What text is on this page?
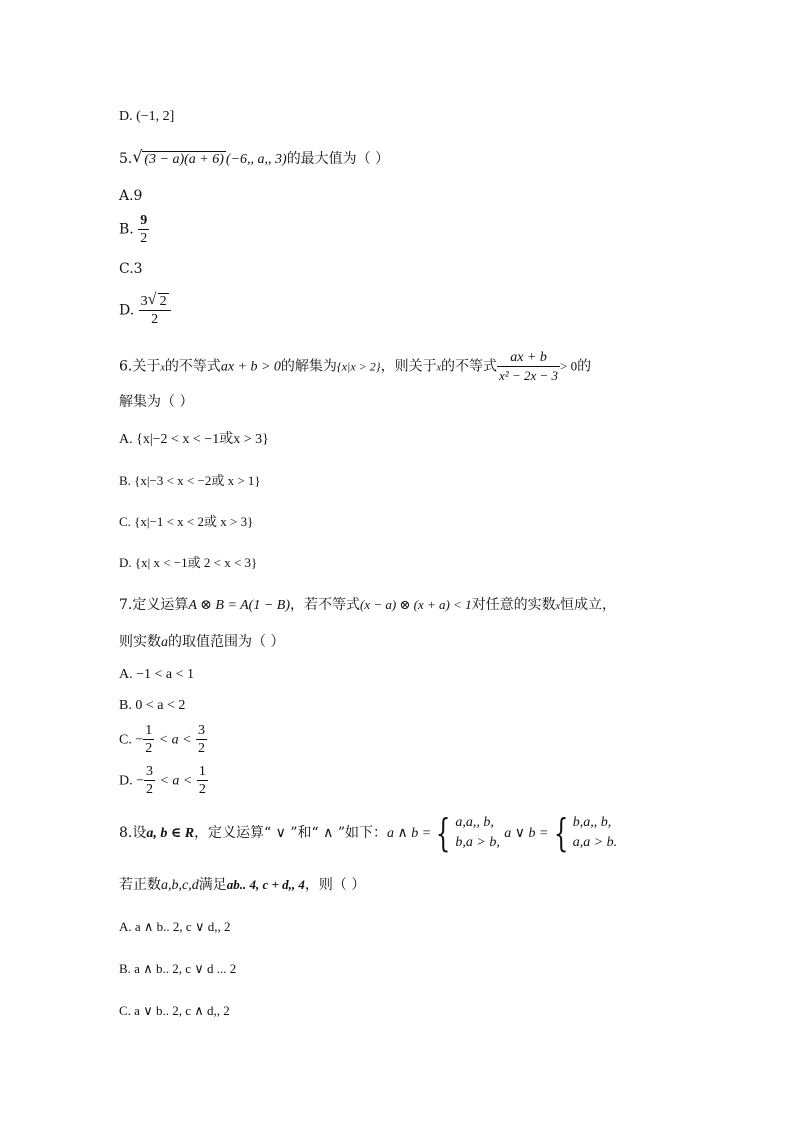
D. (−1, 2]
5. √ (3 − a)(a + 6) (−6,, a,, 3)的最大值为（ ）
A.9
B. $\frac{9}{2}$
C.3
D. $\frac{3 √ 2}{2}$
6.关于x的不等式ax + b > 0的解集为{x|x > 2}，则关于x的不等式 $\frac{ax + b}{\text{x² − 2x − 3}} > 0$的
解集为（ ）
A. {x|−2 < x < −1或x > 3}
B. {x|−3 < x < −2或 x > 1}
C. {x|−1 < x < 2或 x > 3}
D. {x| x < −1或 2 < x < 3}
7.定义运算A ⊗ B = A(1 − B)，若不等式(x − a) ⊗ (x + a) < 1对任意的实数x恒成立，
则实数a的取值范围为（ ）
A. −1 < a < 1
B. 0 < a < 2
C. − $\frac{1}{2} < a < \frac{3}{2}$
D. − $\frac{3}{2} < a < \frac{1}{2}$
8.设a, b ∈ R，定义运算“ ∨ ”和“ ∧ ”如下：a ∧ b = { a,a,, b,
b,a > b,
a ∨ b = { b,a,, b,
a,a > b.
若正数a,b,c,d满足ab.. 4, c + d,, 4，则（ ）
A. a ∧ b.. 2, c ∨ d,, 2
B. a ∧ b.. 2, c ∨ d ... 2
C. a ∨ b.. 2, c ∧ d,, 2
